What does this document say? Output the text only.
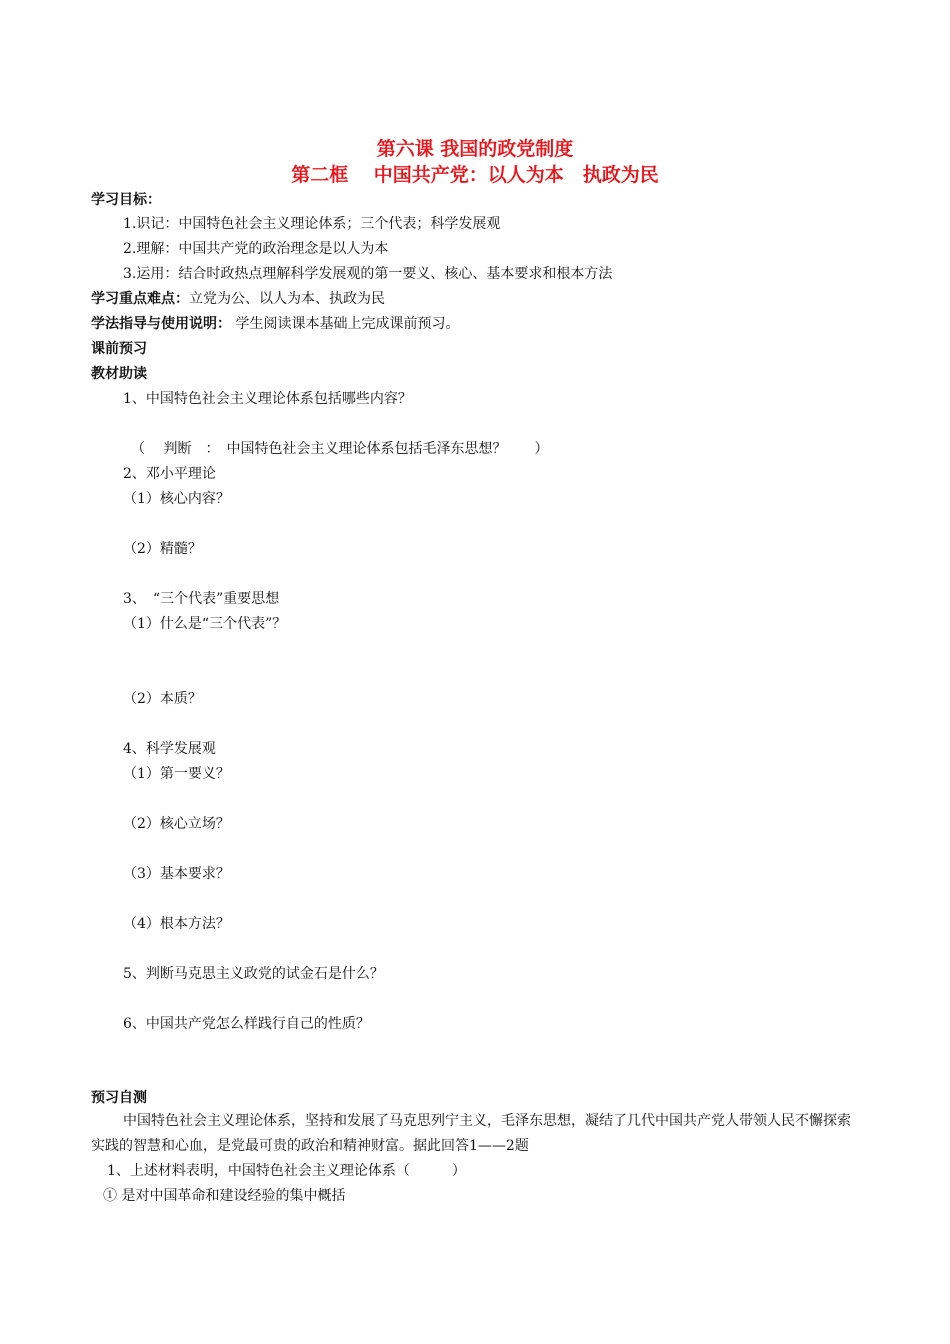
第六课 我国的政党制度
第二框　 中国共产党：以人为本　执政为民
学习目标：
1.识记：中国特色社会主义理论体系；三个代表；科学发展观
2.理解：中国共产党的政治理念是以人为本
3.运用：结合时政热点理解科学发展观的第一要义、核心、基本要求和根本方法
学习重点难点：立党为公、以人为本、执政为民
学法指导与使用说明： 学生阅读课本基础上完成课前预习。
课前预习
教材助读
1、中国特色社会主义理论体系包括哪些内容？
（　 判断　：　中国特色社会主义理论体系包括毛泽东思想？　　）
2、邓小平理论
（1）核心内容？
（2）精髓？
3、　“三个代表”重要思想
（1）什么是“三个代表”？
（2）本质？
4、科学发展观
（1）第一要义？
（2）核心立场？
（3）基本要求？
（4）根本方法？
5、判断马克思主义政党的试金石是什么？
6、中国共产党怎么样践行自己的性质？
预习自测
中国特色社会主义理论体系，坚持和发展了马克思列宁主义，毛泽东思想，凝结了几代中国共产党人带领人民不懈探索实践的智慧和心血，是党最可贵的政治和精神财富。据此回答1——2题
1、上述材料表明，中国特色社会主义理论体系（　　　）
① 是对中国革命和建设经验的集中概括
